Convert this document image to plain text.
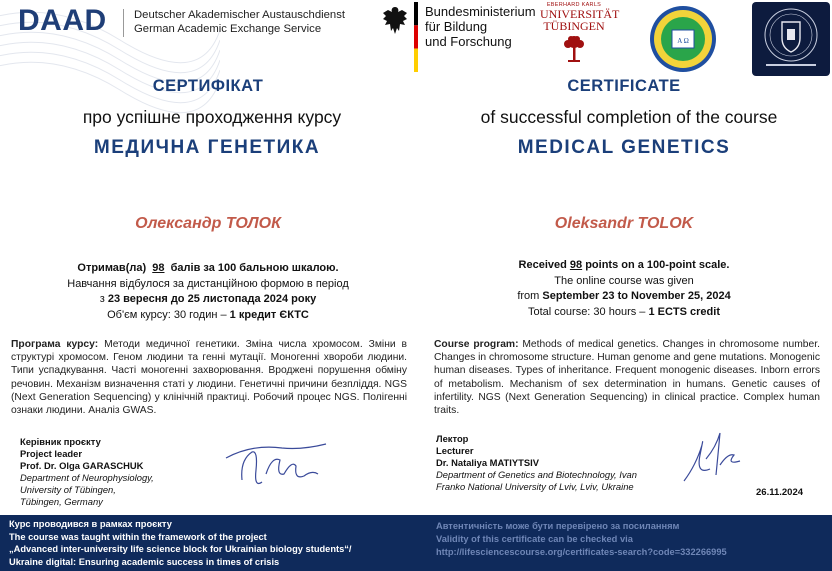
DAAD Deutscher Akademischer Austauschdienst
German Academic Exchange Service
Bundesministerium
für Bildung
und Forschung
EBERHARD KARLS
UNIVERSITÄT
TÜBINGEN
A Ω
СЕРТИФІКАТ	CERTIFICATE
про успішне проходження курсу	of successful completion of the course
МЕДИЧНА ГЕНЕТИКА	MEDICAL GENETICS
Олександр ТОЛОК	Oleksandr TOLOK
Отримав(ла) 98 балів за 100 бальною шкалою.
Навчання відбулося за дистанційною формою в період
з 23 вересня до 25 листопада 2024 року
Об'єм курсу: 30 годин – 1 кредит ЄКТС
Received 98 points on a 100-point scale.
The online course was given
from September 23 to November 25, 2024
Total course: 30 hours – 1 ECTS credit
Програма курсу: Методи медичної генетики. Зміна числа хромосом. Зміни в структурі хромосом. Геном людини та генні мутації. Моногенні хвороби людини. Типи успадкування. Часті моногенні захворювання. Вроджені порушення обміну речовин. Механізм визначення статі у людини. Генетичні причини безпліддя. NGS (Next Generation Sequencing) у клінічній практиці. Робочий процес NGS. Полігенні ознаки людини. Аналіз GWAS.
Course program: Methods of medical genetics. Changes in chromosome number. Changes in chromosome structure. Human genome and gene mutations. Monogenic human diseases. Types of inheritance. Frequent monogenic diseases. Inborn errors of metabolism. Mechanism of sex determination in humans. Genetic causes of infertility. NGS (Next Generation Sequencing) in clinical practice. Complex human traits.
Керівник проєкту
Project leader
Prof. Dr. Olga GARASCHUK
Department of Neurophysiology,
University of Tübingen,
Tübingen, Germany
Лектор
Lecturer
Dr. Nataliya MATIYTSIV
Department of Genetics and Biotechnology, Ivan
Franko National University of Lviv, Lviv, Ukraine
26.11.2024
Курс проводився в рамках проєкту
The course was taught within the framework of the project
„Advanced inter-university life science block for Ukrainian biology students“/
Ukraine digital: Ensuring academic success in times of crisis
Автентичність може бути перевірено за посиланням
Validity of this certificate can be checked via
http://lifesciencescourse.org/certificates-search?code=332266995
